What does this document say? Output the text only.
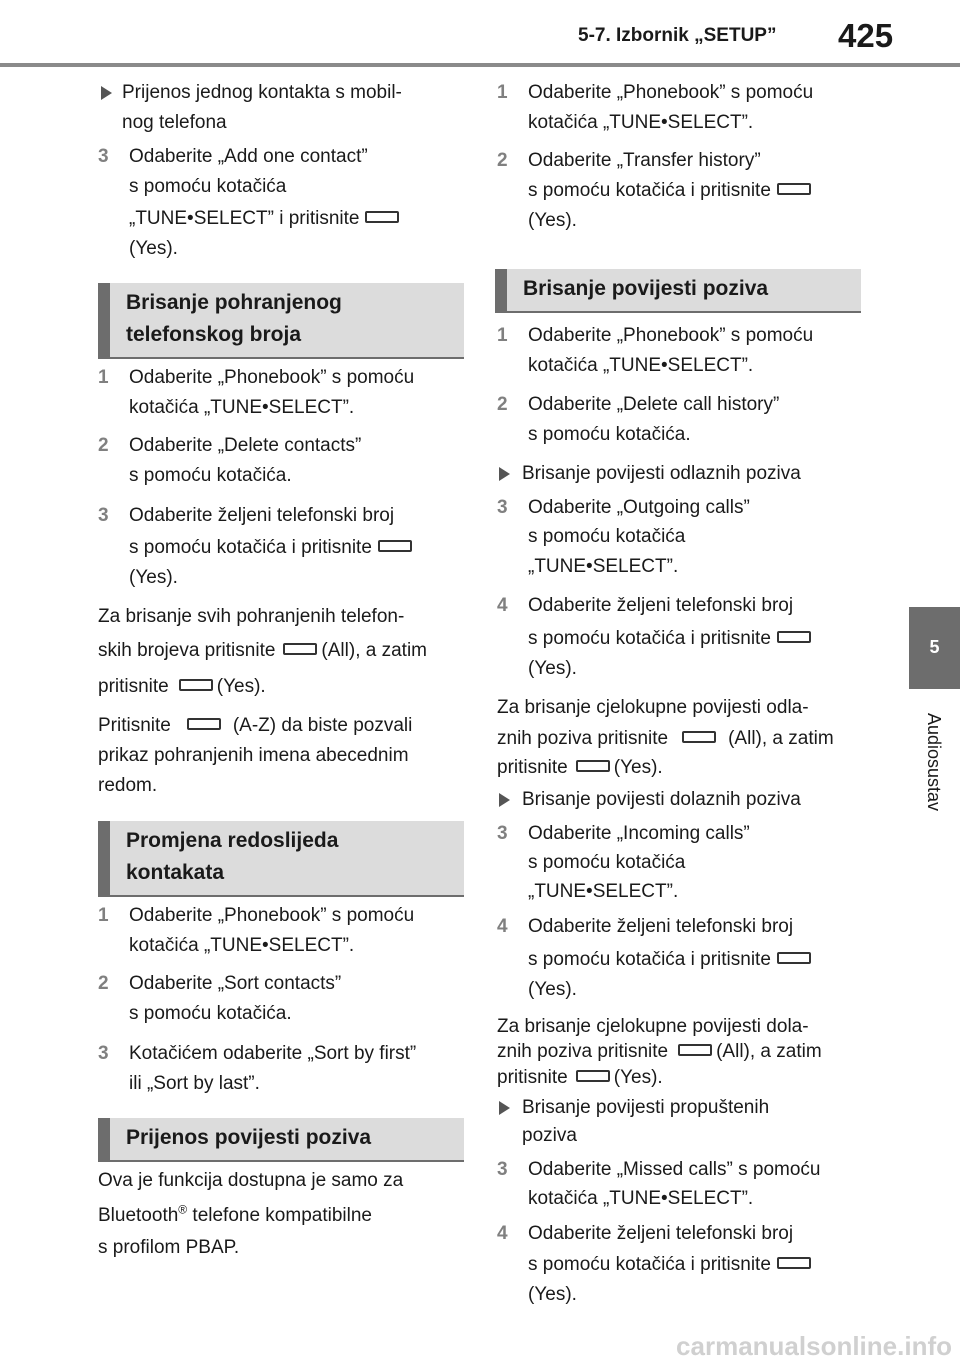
5-7. Izbornik „SETUP” 425
5
Audiosustav
Prijenos jednog kontakta s mobil-
nog telefona
3 Odaberite „Add one contact”
s pomoću kotačića
„TUNE•SELECT” i pritisnite
(Yes).
Brisanje pohranjenog
telefonskog broja
1 Odaberite „Phonebook” s pomoću
kotačića „TUNE•SELECT”.
2 Odaberite „Delete contacts”
s pomoću kotačića.
3 Odaberite željeni telefonski broj
s pomoću kotačića i pritisnite
(Yes).
Za brisanje svih pohranjenih telefon-
skih brojeva pritisnite (All), a zatim
pritisnite	(Yes).
Pritisnite	(A-Z) da biste pozvali
prikaz pohranjenih imena abecednim
redom.
Promjena redoslijeda
kontakata
1 Odaberite „Phonebook” s pomoću
kotačića „TUNE•SELECT”.
2 Odaberite „Sort contacts”
s pomoću kotačića.
3 Kotačićem odaberite „Sort by first”
ili „Sort by last”.
Prijenos povijesti poziva
Ova je funkcija dostupna je samo za
Bluetooth® telefone kompatibilne
s profilom PBAP.
1 Odaberite „Phonebook” s pomoću
kotačića „TUNE•SELECT”.
2 Odaberite „Transfer history”
s pomoću kotačića i pritisnite
(Yes).
Brisanje povijesti poziva
1 Odaberite „Phonebook” s pomoću
kotačića „TUNE•SELECT”.
2 Odaberite „Delete call history”
s pomoću kotačića.
Brisanje povijesti odlaznih poziva
3 Odaberite „Outgoing calls”
s pomoću kotačića
„TUNE•SELECT”.
4 Odaberite željeni telefonski broj
s pomoću kotačića i pritisnite
(Yes).
Za brisanje cjelokupne povijesti odla-
znih poziva pritisnite	(All), a zatim
pritisnite (Yes).
Brisanje povijesti dolaznih poziva
3 Odaberite „Incoming calls”
s pomoću kotačića
„TUNE•SELECT”.
4 Odaberite željeni telefonski broj
s pomoću kotačića i pritisnite
(Yes).
Za brisanje cjelokupne povijesti dola-
znih poziva pritisnite	(All), a zatim
pritisnite (Yes).
Brisanje povijesti propuštenih
poziva
3 Odaberite „Missed calls” s pomoću
kotačića „TUNE•SELECT”.
4 Odaberite željeni telefonski broj
s pomoću kotačića i pritisnite
(Yes).
carmanualsonline.info
